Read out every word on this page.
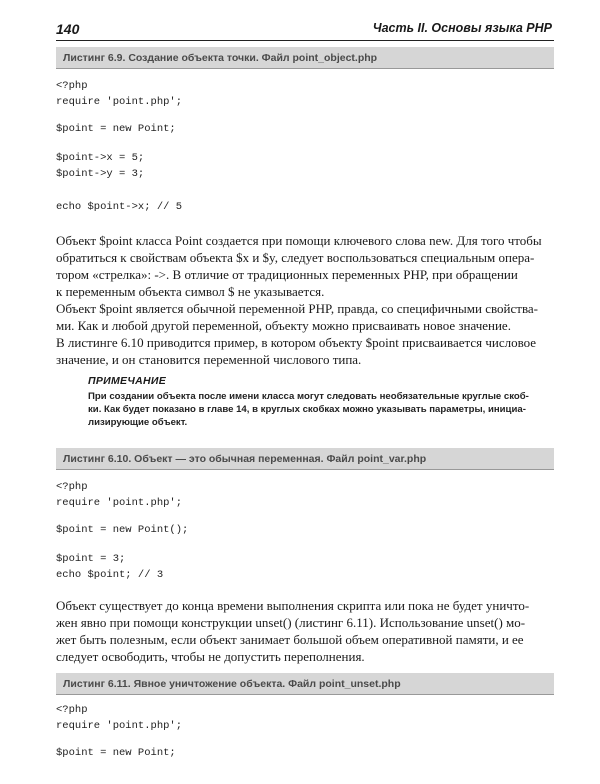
140	Часть II. Основы языка PHP
Листинг 6.9. Создание объекта точки. Файл point_object.php
<?php
require 'point.php';
$point = new Point;
$point->x = 5;
$point->y = 3;
echo $point->x; // 5
Объект $point класса Point создается при помощи ключевого слова new. Для того чтобы
обратиться к свойствам объекта $x и $y, следует воспользоваться специальным опера-
тором «стрелка»: ->. В отличие от традиционных переменных PHP, при обращении
к переменным объекта символ $ не указывается.
Объект $point является обычной переменной PHP, правда, со специфичными свойства-
ми. Как и любой другой переменной, объекту можно присваивать новое значение.
В листинге 6.10 приводится пример, в котором объекту $point присваивается числовое
значение, и он становится переменной числового типа.
ПРИМЕЧАНИЕ
При создании объекта после имени класса могут следовать необязательные круглые скоб-
ки. Как будет показано в главе 14, в круглых скобках можно указывать параметры, инициа-
лизирующие объект.
Листинг 6.10. Объект — это обычная переменная. Файл point_var.php
<?php
require 'point.php';
$point = new Point();
$point = 3;
echo $point; // 3
Объект существует до конца времени выполнения скрипта или пока не будет уничто-
жен явно при помощи конструкции unset() (листинг 6.11). Использование unset() мо-
жет быть полезным, если объект занимает большой объем оперативной памяти, и ее
следует освободить, чтобы не допустить переполнения.
Листинг 6.11. Явное уничтожение объекта. Файл point_unset.php
<?php
require 'point.php';
$point = new Point;
